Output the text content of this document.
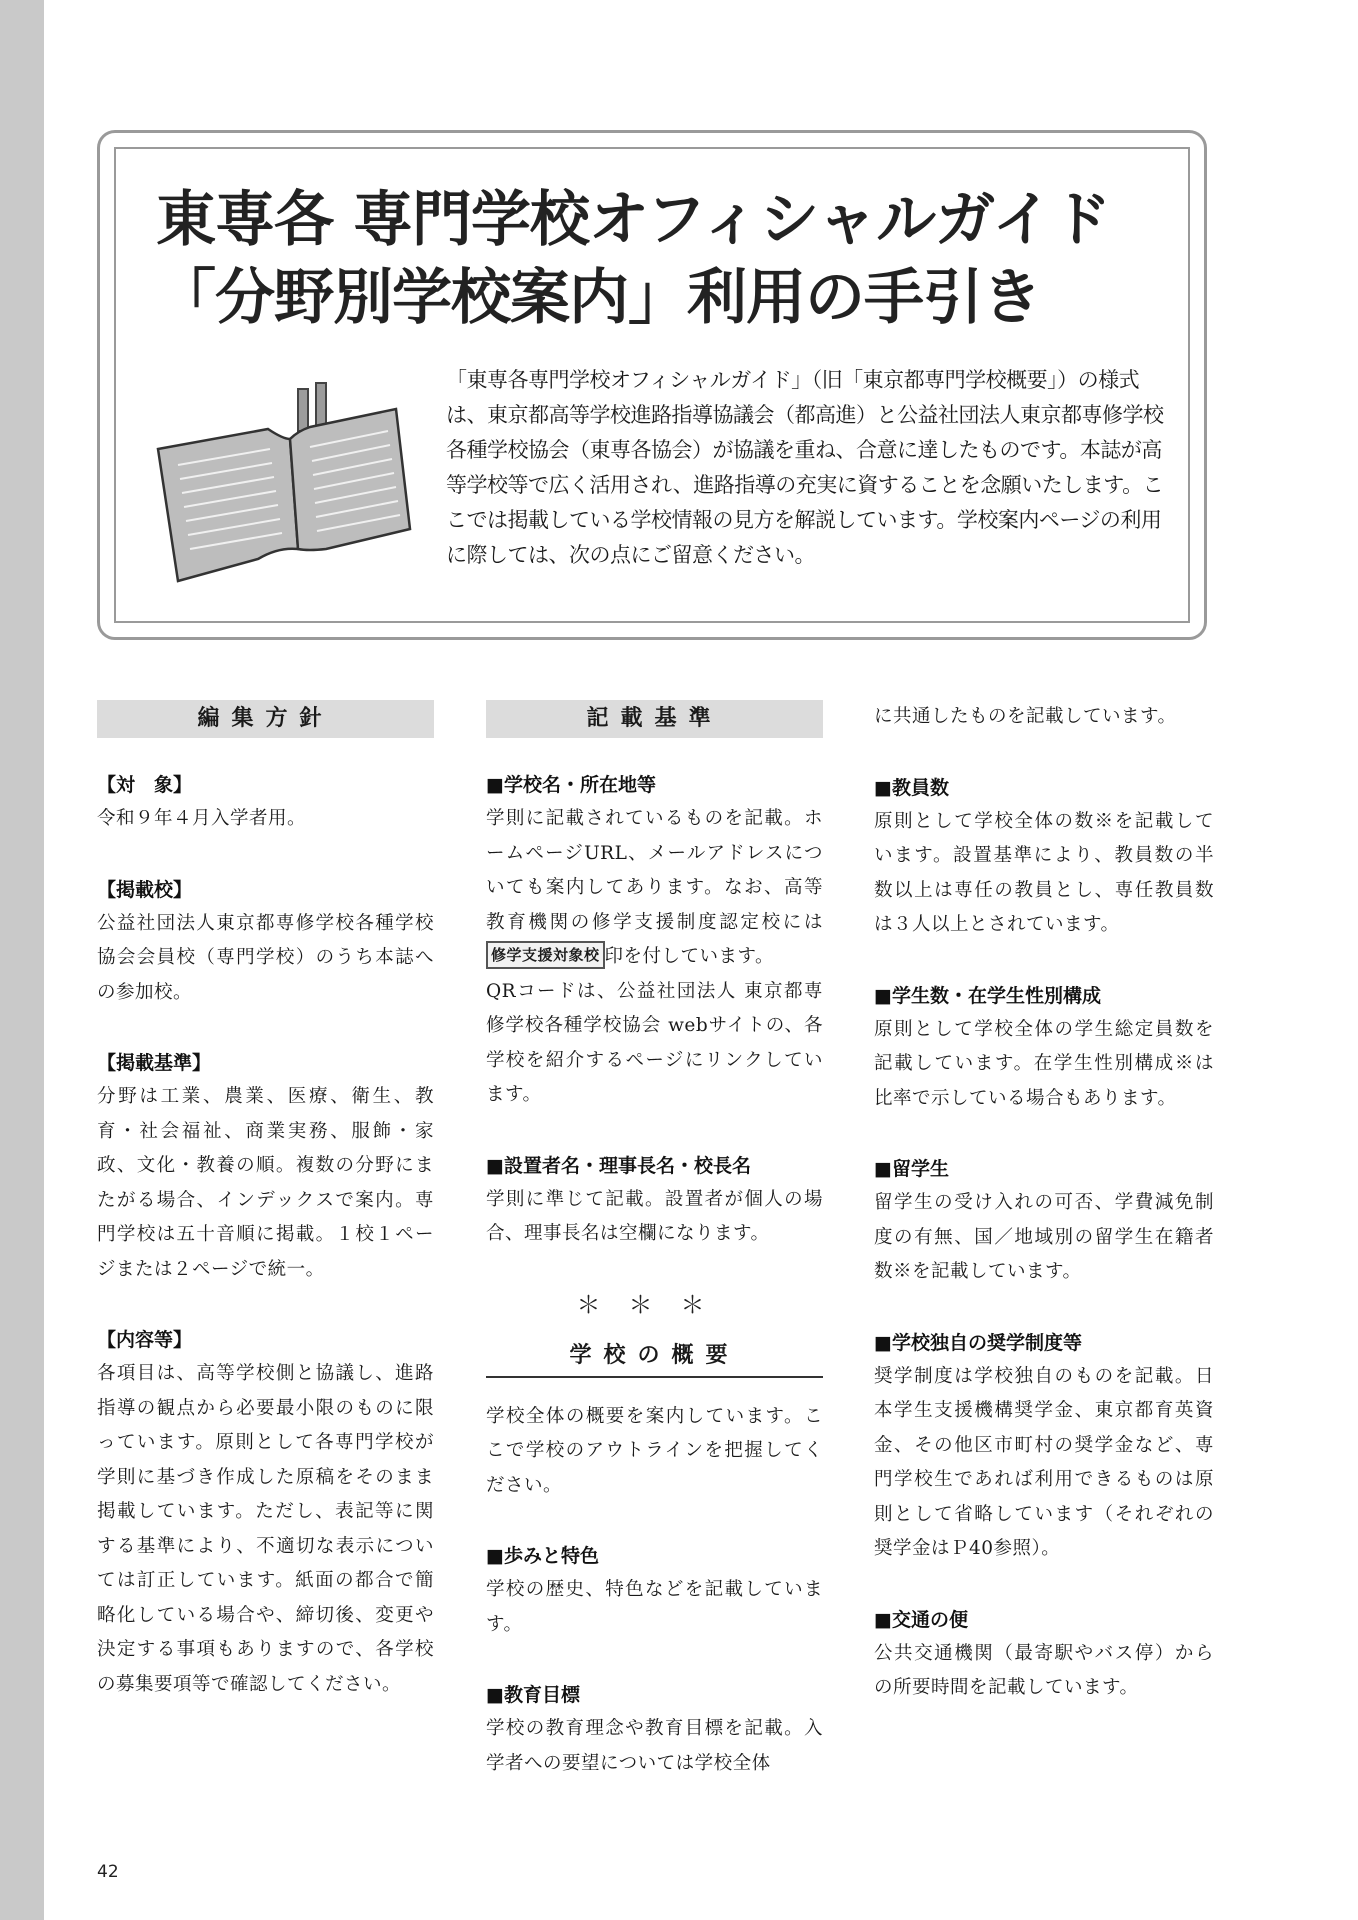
東専各 専門学校オフィシャルガイド
「分野別学校案内」利用の手引き

「東専各専門学校オフィシャルガイド」（旧「東京都専門学校概要」）の様式は、東京都高等学校進路指導協議会（都高進）と公益社団法人東京都専修学校各種学校協会（東専各協会）が協議を重ね、合意に達したものです。本誌が高等学校等で広く活用され、進路指導の充実に資することを念願いたします。ここでは掲載している学校情報の見方を解説しています。学校案内ページの利用に際しては、次の点にご留意ください。

編集方針

【対　象】

令和９年４月入学者用。

【掲載校】

公益社団法人東京都専修学校各種学校協会会員校（専門学校）のうち本誌への参加校。

【掲載基準】

分野は工業、農業、医療、衛生、教育・社会福祉、商業実務、服飾・家政、文化・教養の順。複数の分野にまたがる場合、インデックスで案内。専門学校は五十音順に掲載。１校１ページまたは２ページで統一。

【内容等】

各項目は、高等学校側と協議し、進路指導の観点から必要最小限のものに限っています。原則として各専門学校が学則に基づき作成した原稿をそのまま掲載しています。ただし、表記等に関する基準により、不適切な表示については訂正しています。紙面の都合で簡略化している場合や、締切後、変更や決定する事項もありますので、各学校の募集要項等で確認してください。

記載基準

■学校名・所在地等

学則に記載されているものを記載。ホームページURL、メールアドレスについても案内してあります。なお、高等教育機関の修学支援制度認定校には修学支援対象校 印を付しています。

QRコードは、公益社団法人 東京都専修学校各種学校協会 webサイトの、各学校を紹介するページにリンクしています。

■設置者名・理事長名・校長名

学則に準じて記載。設置者が個人の場合、理事長名は空欄になります。

＊＊＊
学校の概要

学校全体の概要を案内しています。ここで学校のアウトラインを把握してください。

■歩みと特色

学校の歴史、特色などを記載しています。

■教育目標

学校の教育理念や教育目標を記載。入学者への要望については学校全体

に共通したものを記載しています。

■教員数

原則として学校全体の数※を記載しています。設置基準により、教員数の半数以上は専任の教員とし、専任教員数は３人以上とされています。

■学生数・在学生性別構成

原則として学校全体の学生総定員数を記載しています。在学生性別構成※は比率で示している場合もあります。

■留学生

留学生の受け入れの可否、学費減免制度の有無、国／地域別の留学生在籍者数※を記載しています。

■学校独自の奨学制度等

奨学制度は学校独自のものを記載。日本学生支援機構奨学金、東京都育英資金、その他区市町村の奨学金など、専門学校生であれば利用できるものは原則として省略しています（それぞれの奨学金はＰ40参照）。

■交通の便

公共交通機関（最寄駅やバス停）からの所要時間を記載しています。

42
